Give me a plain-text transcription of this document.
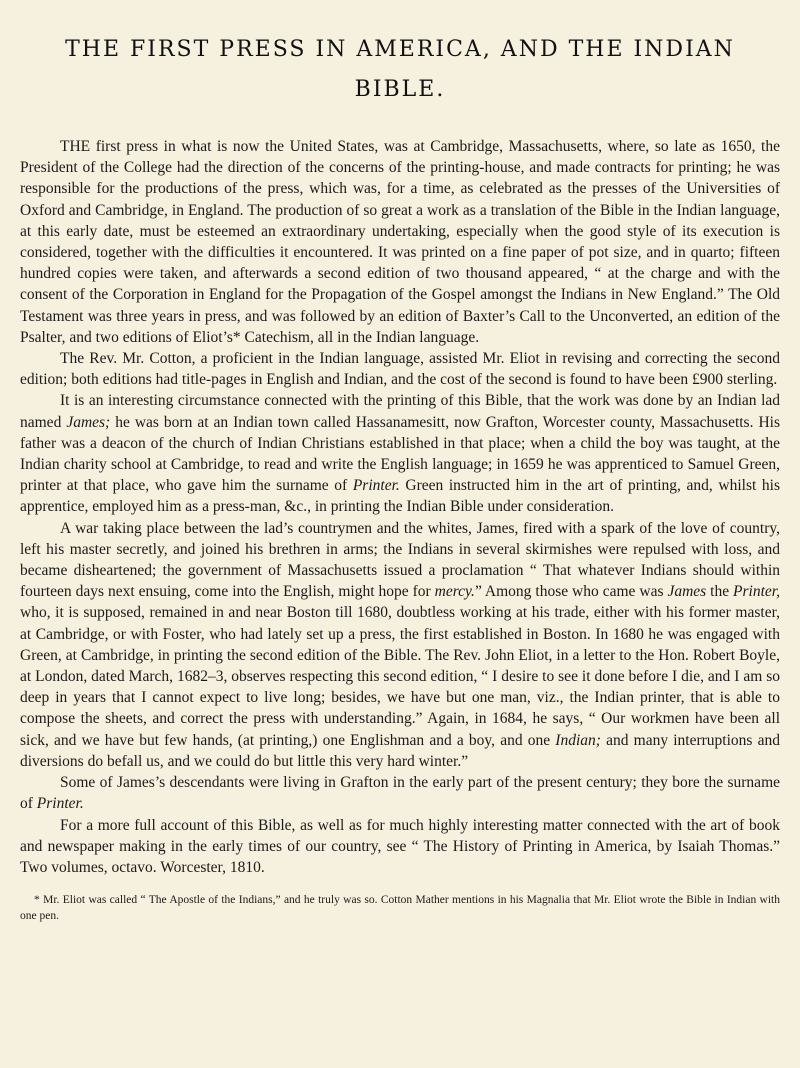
THE FIRST PRESS IN AMERICA, AND THE INDIAN BIBLE.

THE first press in what is now the United States, was at Cambridge, Massachusetts, where, so late as 1650, the President of the College had the direction of the concerns of the printing-house, and made contracts for printing; he was responsible for the productions of the press, which was, for a time, as celebrated as the presses of the Universities of Oxford and Cambridge, in England. The production of so great a work as a translation of the Bible in the Indian language, at this early date, must be esteemed an extraordinary undertaking, especially when the good style of its execution is considered, together with the difficulties it encountered. It was printed on a fine paper of pot size, and in quarto; fifteen hundred copies were taken, and afterwards a second edition of two thousand appeared, “ at the charge and with the consent of the Corporation in England for the Propagation of the Gospel amongst the Indians in New England.” The Old Testament was three years in press, and was followed by an edition of Baxter’s Call to the Unconverted, an edition of the Psalter, and two editions of Eliot’s* Catechism, all in the Indian language.

The Rev. Mr. Cotton, a proficient in the Indian language, assisted Mr. Eliot in revising and correcting the second edition; both editions had title-pages in English and Indian, and the cost of the second is found to have been £900 sterling.

It is an interesting circumstance connected with the printing of this Bible, that the work was done by an Indian lad named James; he was born at an Indian town called Hassanamesitt, now Grafton, Worcester county, Massachusetts. His father was a deacon of the church of Indian Christians established in that place; when a child the boy was taught, at the Indian charity school at Cambridge, to read and write the English language; in 1659 he was apprenticed to Samuel Green, printer at that place, who gave him the surname of Printer. Green instructed him in the art of printing, and, whilst his apprentice, employed him as a press-man, &c., in printing the Indian Bible under consideration.

A war taking place between the lad’s countrymen and the whites, James, fired with a spark of the love of country, left his master secretly, and joined his brethren in arms; the Indians in several skirmishes were repulsed with loss, and became disheartened; the government of Massachusetts issued a proclamation “ That whatever Indians should within fourteen days next ensuing, come into the English, might hope for mercy.” Among those who came was James the Printer, who, it is supposed, remained in and near Boston till 1680, doubtless working at his trade, either with his former master, at Cambridge, or with Foster, who had lately set up a press, the first established in Boston. In 1680 he was engaged with Green, at Cambridge, in printing the second edition of the Bible. The Rev. John Eliot, in a letter to the Hon. Robert Boyle, at London, dated March, 1682–3, observes respecting this second edition, “ I desire to see it done before I die, and I am so deep in years that I cannot expect to live long; besides, we have but one man, viz., the Indian printer, that is able to compose the sheets, and correct the press with understanding.” Again, in 1684, he says, “ Our workmen have been all sick, and we have but few hands, (at printing,) one Englishman and a boy, and one Indian; and many interruptions and diversions do befall us, and we could do but little this very hard winter.”

Some of James’s descendants were living in Grafton in the early part of the present century; they bore the surname of Printer.

For a more full account of this Bible, as well as for much highly interesting matter connected with the art of book and newspaper making in the early times of our country, see “ The History of Printing in America, by Isaiah Thomas.” Two volumes, octavo. Worcester, 1810.

* Mr. Eliot was called “ The Apostle of the Indians,” and he truly was so. Cotton Mather mentions in his Magnalia that Mr. Eliot wrote the Bible in Indian with one pen.
